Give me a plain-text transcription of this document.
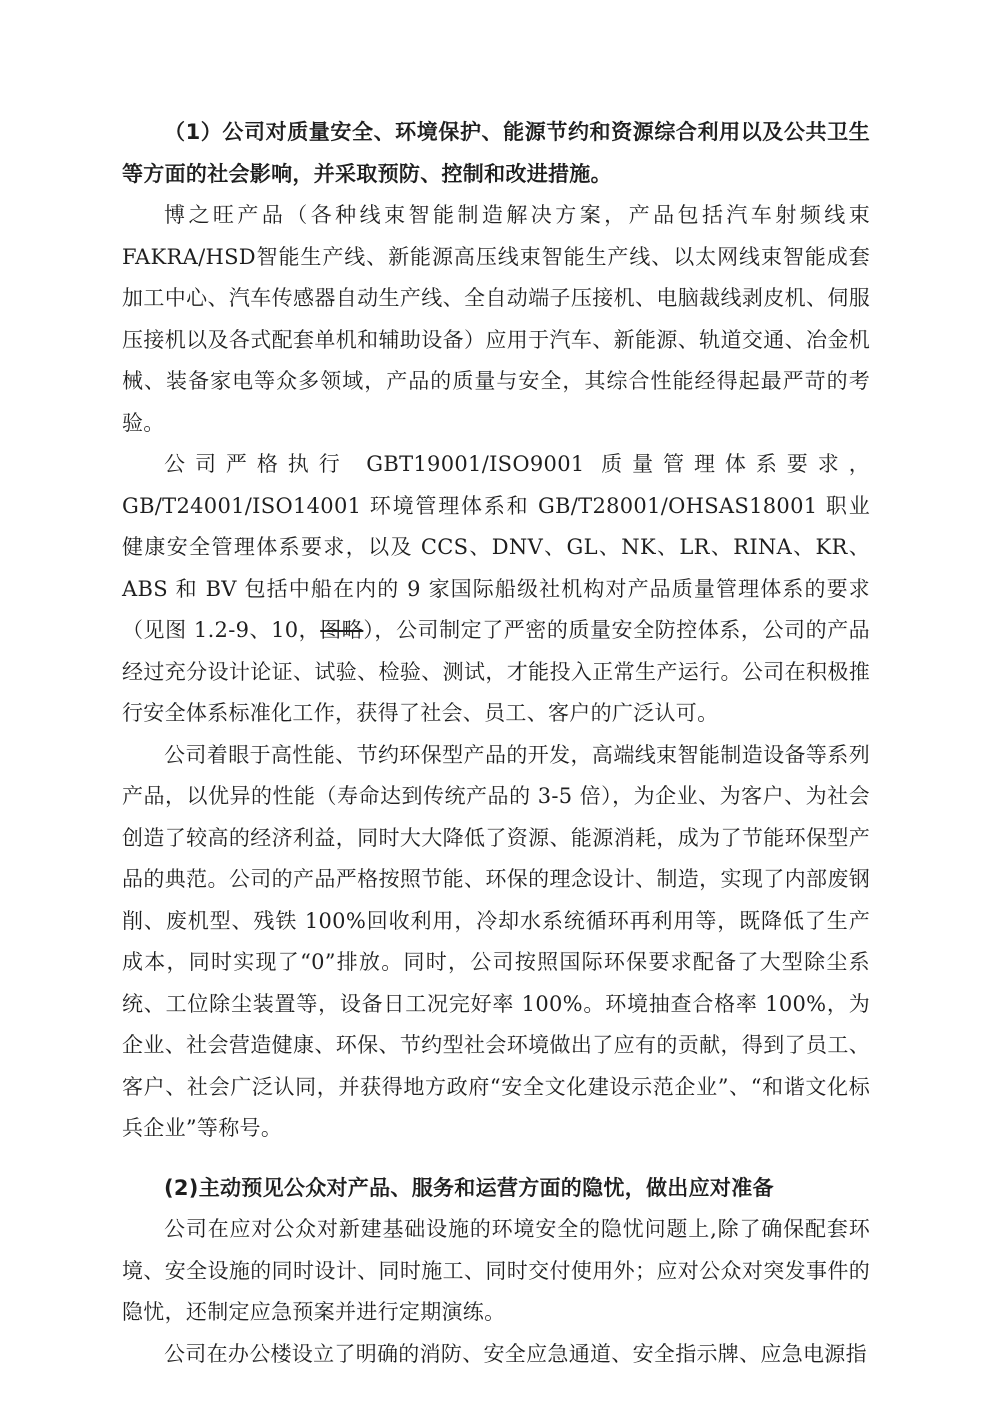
（1）公司对质量安全、环境保护、能源节约和资源综合利用以及公共卫生等方面的社会影响，并采取预防、控制和改进措施。

博之旺产品（各种线束智能制造解决方案，产品包括汽车射频线束 FAKRA/HSD智能生产线、新能源高压线束智能生产线、以太网线束智能成套加工中心、汽车传感器自动生产线、全自动端子压接机、电脑裁线剥皮机、伺服压接机以及各式配套单机和辅助设备）应用于汽车、新能源、轨道交通、冶金机械、装备家电等众多领域，产品的质量与安全，其综合性能经得起最严苛的考验。

公司严格执行 GBT19001/ISO9001 质量管理体系要求，GB/T24001/ISO14001 环境管理体系和 GB/T28001/OHSAS18001 职业健康安全管理体系要求，以及 CCS、DNV、GL、NK、LR、RINA、KR、ABS 和 BV 包括中船在内的 9 家国际船级社机构对产品质量管理体系的要求（见图 1.2-9、10，图略），公司制定了严密的质量安全防控体系，公司的产品经过充分设计论证、试验、检验、测试，才能投入正常生产运行。公司在积极推行安全体系标准化工作，获得了社会、员工、客户的广泛认可。

公司着眼于高性能、节约环保型产品的开发，高端线束智能制造设备等系列产品，以优异的性能（寿命达到传统产品的 3-5 倍），为企业、为客户、为社会创造了较高的经济利益，同时大大降低了资源、能源消耗，成为了节能环保型产品的典范。公司的产品严格按照节能、环保的理念设计、制造，实现了内部废钢削、废机型、残铁 100%回收利用，冷却水系统循环再利用等，既降低了生产成本，同时实现了“0”排放。同时，公司按照国际环保要求配备了大型除尘系统、工位除尘装置等，设备日工况完好率 100%。环境抽查合格率 100%，为企业、社会营造健康、环保、节约型社会环境做出了应有的贡献，得到了员工、客户、社会广泛认同，并获得地方政府“安全文化建设示范企业”、“和谐文化标兵企业”等称号。

(2)主动预见公众对产品、服务和运营方面的隐忧，做出应对准备

公司在应对公众对新建基础设施的环境安全的隐忧问题上,除了确保配套环境、安全设施的同时设计、同时施工、同时交付使用外；应对公众对突发事件的隐忧，还制定应急预案并进行定期演练。

公司在办公楼设立了明确的消防、安全应急通道、安全指示牌、应急电源指
